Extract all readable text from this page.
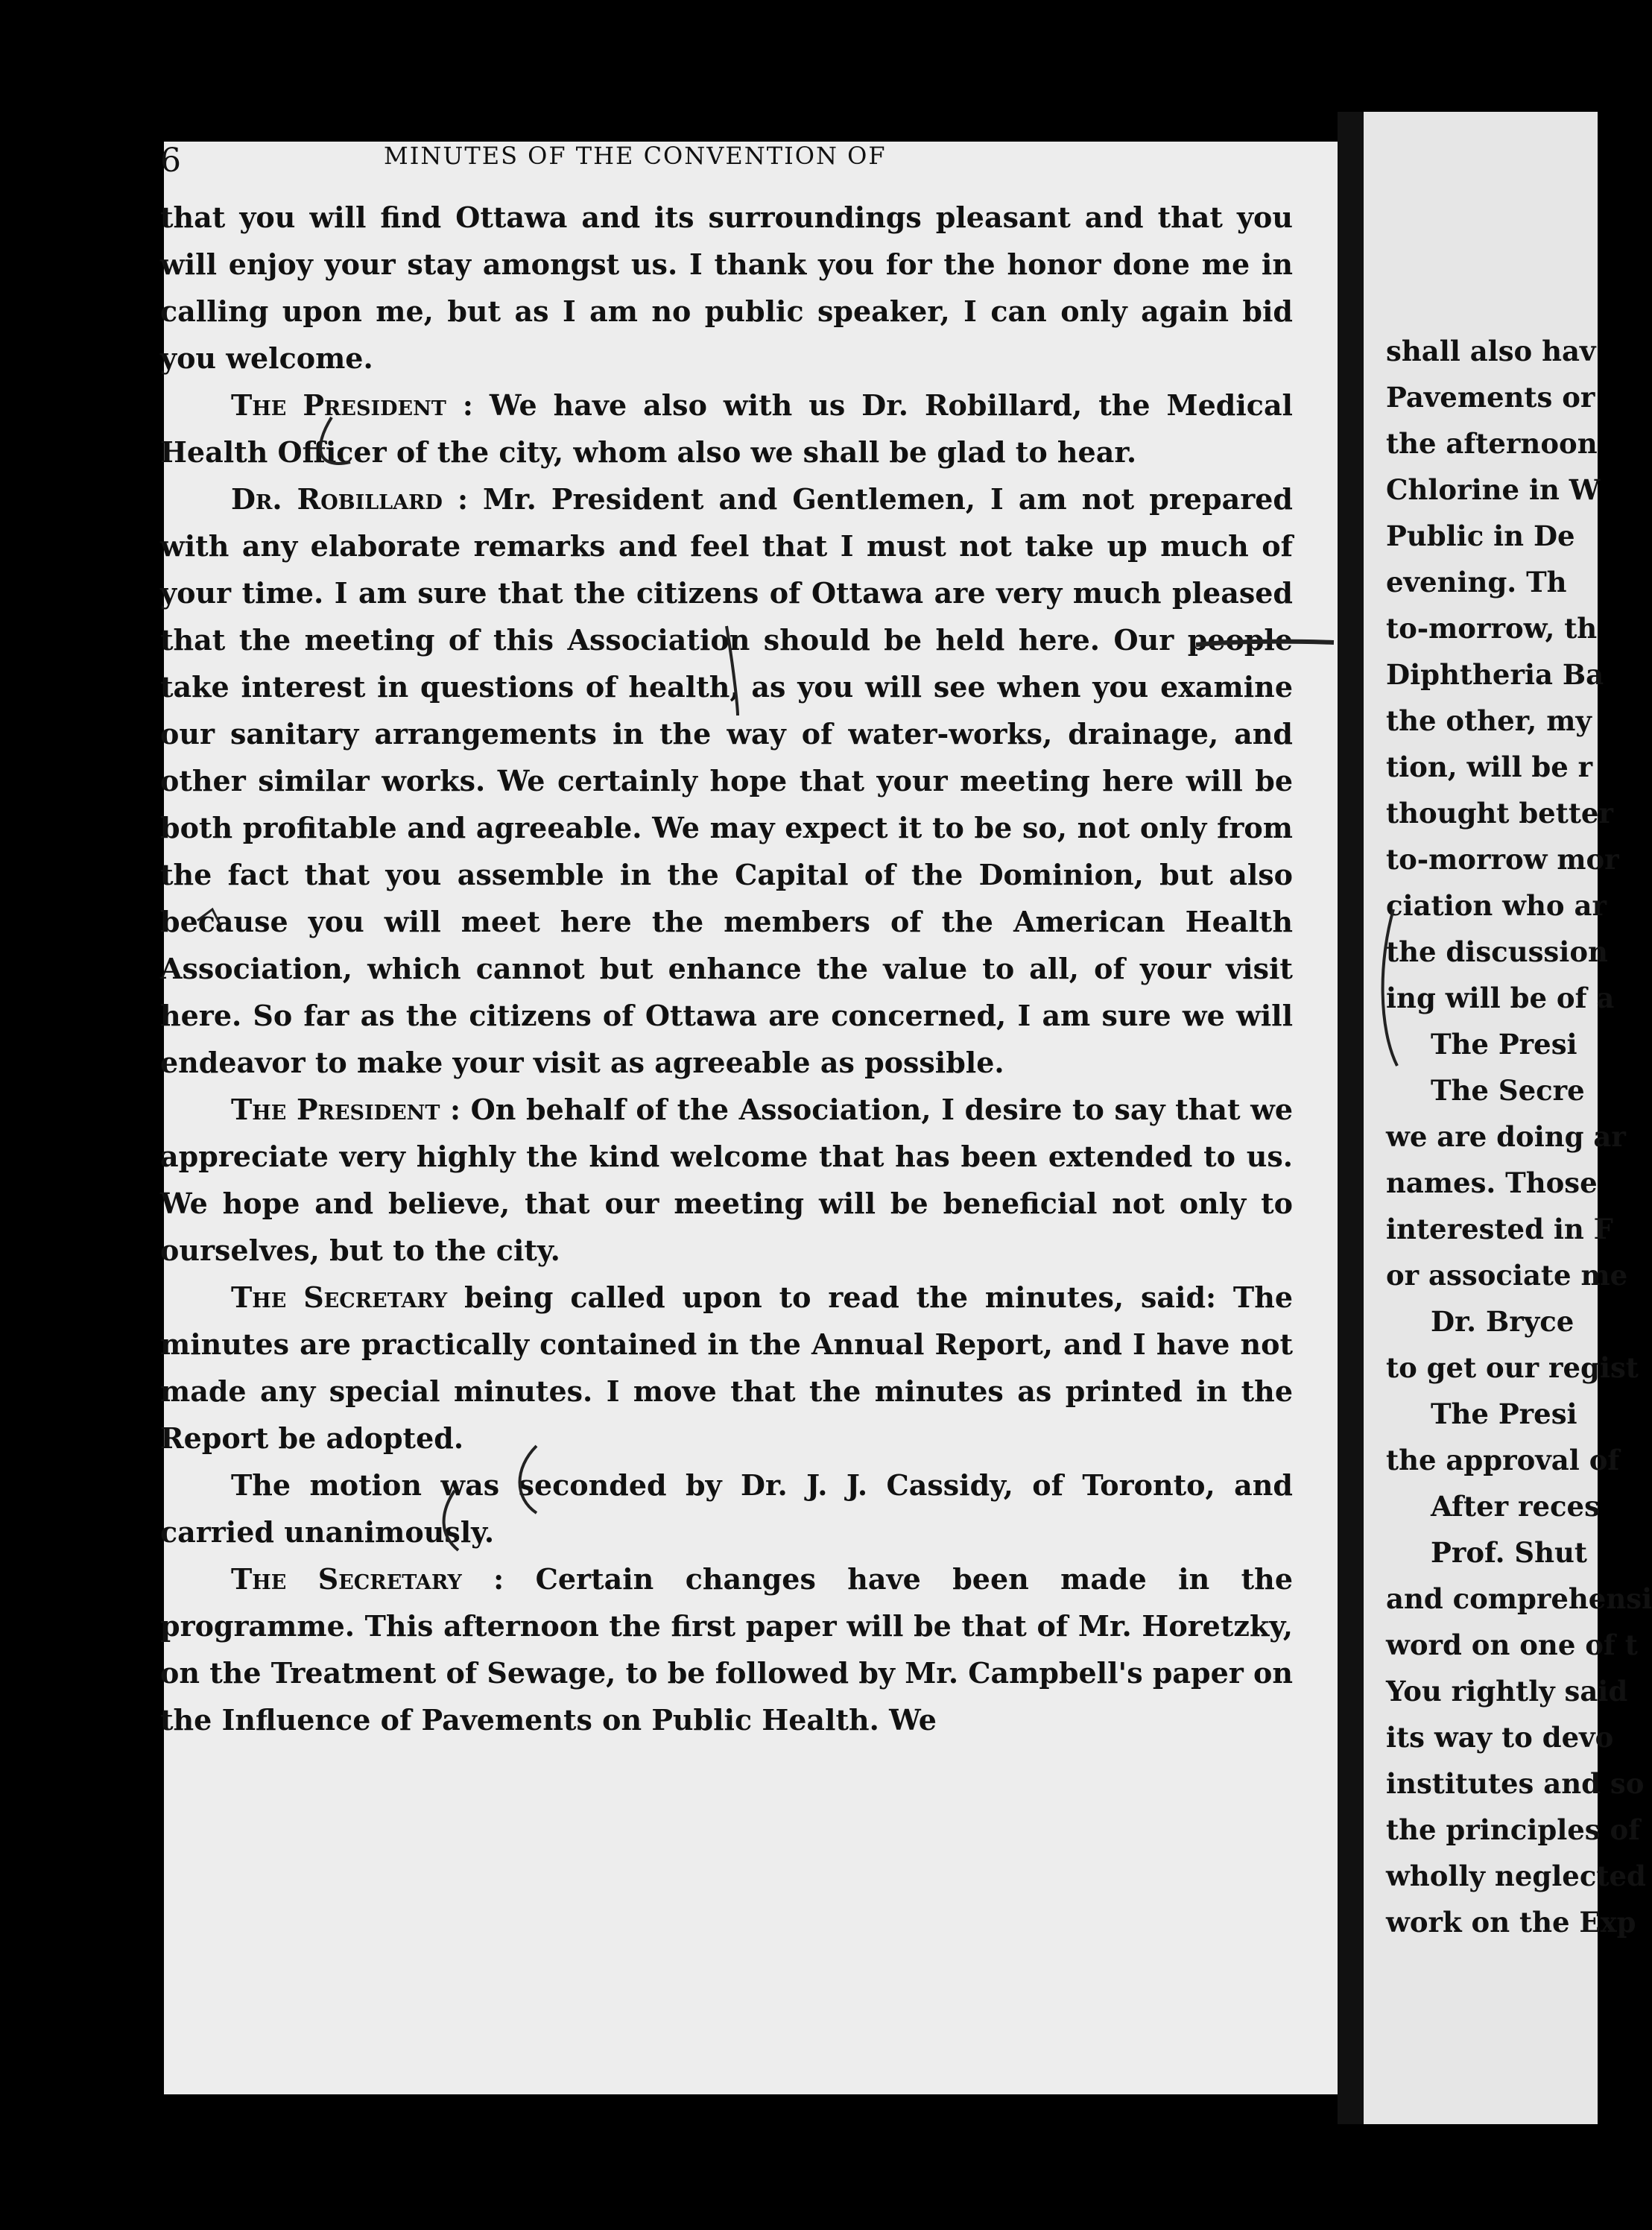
shall also hav
Pavements or
the afternoon
Chlorine in W
Public in De
evening. Th
to-morrow, th
Diphtheria Ba
the other, my
tion, will be r
thought better
to-morrow mor
ciation who ar
the discussion
ing will be of a
The Presi
The Secre
we are doing ar
names. Those
interested in F
or associate me
Dr. Bryce
to get our regist
The Presi
the approval of
After reces
Prof. Shut
and comprehensi
word on one of t
You rightly said
its way to devo
institutes and so
the principles of
wholly neglected
work on the Exp
6	MINUTES OF THE CONVENTION OF

that you will find Ottawa and its surroundings pleasant and that you will enjoy your stay amongst us. I thank you for the honor done me in calling upon me, but as I am no public speaker, I can only again bid you welcome.

The President : We have also with us Dr. Robillard, the Medical Health Officer of the city, whom also we shall be glad to hear.

Dr. Robillard : Mr. President and Gentlemen, I am not prepared with any elaborate remarks and feel that I must not take up much of your time. I am sure that the citizens of Ottawa are very much pleased that the meeting of this Association should be held here. Our people take interest in questions of health, as you will see when you examine our sanitary arrangements in the way of water-works, drainage, and other similar works. We certainly hope that your meeting here will be both profitable and agreeable. We may expect it to be so, not only from the fact that you assemble in the Capital of the Dominion, but also because you will meet here the members of the American Health Association, which cannot but enhance the value to all, of your visit here. So far as the citizens of Ottawa are concerned, I am sure we will endeavor to make your visit as agreeable as possible.

The President : On behalf of the Association, I desire to say that we appreciate very highly the kind welcome that has been extended to us. We hope and believe, that our meeting will be beneficial not only to ourselves, but to the city.

The Secretary being called upon to read the minutes, said: The minutes are practically contained in the Annual Report, and I have not made any special minutes. I move that the minutes as printed in the Report be adopted.

The motion was seconded by Dr. J. J. Cassidy, of Toronto, and carried unanimously.

The Secretary : Certain changes have been made in the programme. This afternoon the first paper will be that of Mr. Horetzky, on the Treatment of Sewage, to be followed by Mr. Campbell's paper on the Influence of Pavements on Public Health. We
